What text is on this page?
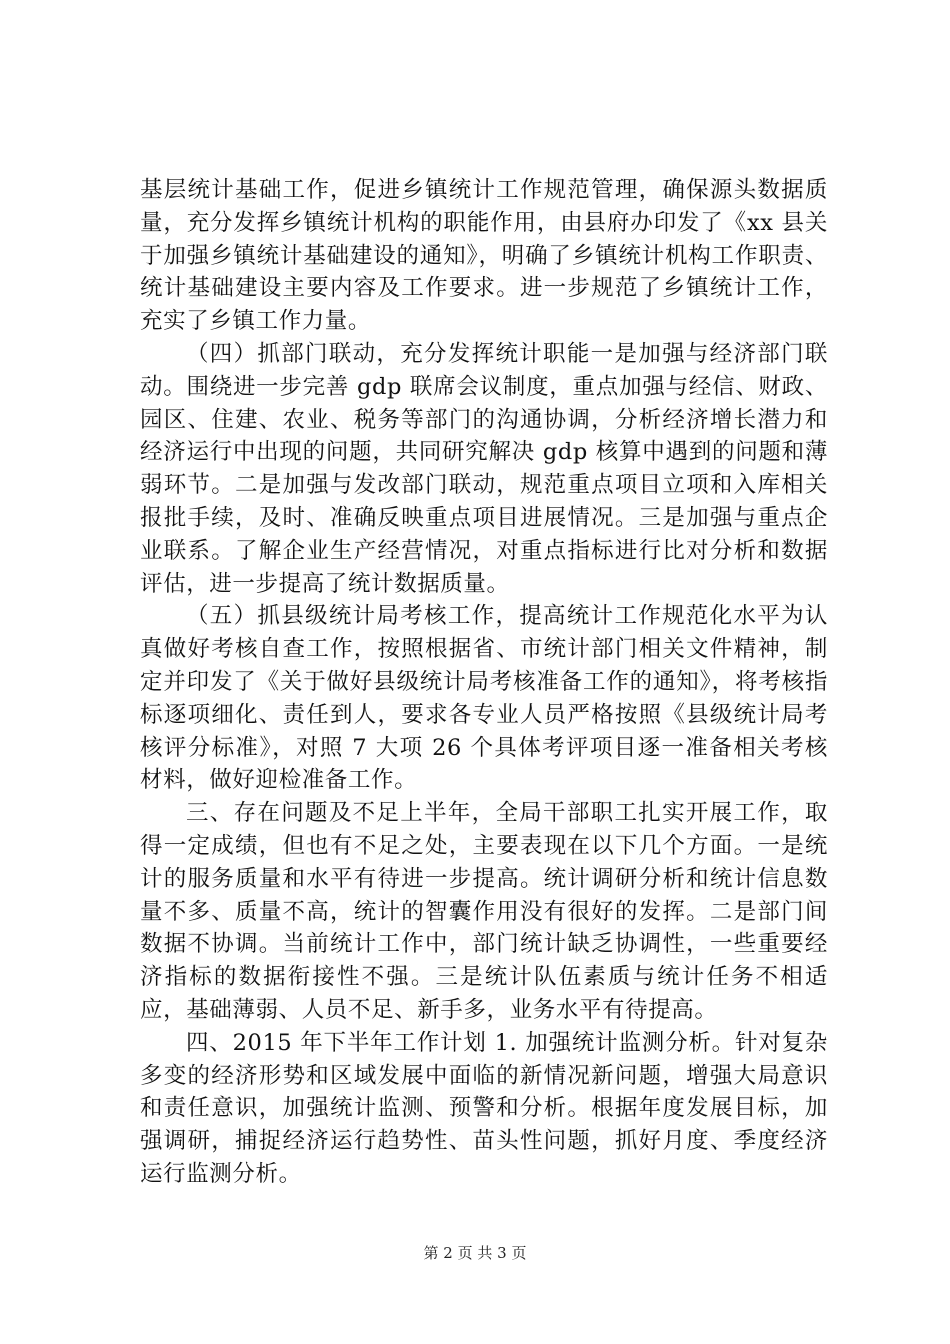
基层统计基础工作，促进乡镇统计工作规范管理，确保源头数据质量，充分发挥乡镇统计机构的职能作用，由县府办印发了《xx 县关于加强乡镇统计基础建设的通知》，明确了乡镇统计机构工作职责、统计基础建设主要内容及工作要求。进一步规范了乡镇统计工作，充实了乡镇工作力量。

（四）抓部门联动，充分发挥统计职能一是加强与经济部门联动。围绕进一步完善 gdp 联席会议制度，重点加强与经信、财政、园区、住建、农业、税务等部门的沟通协调，分析经济增长潜力和经济运行中出现的问题，共同研究解决 gdp 核算中遇到的问题和薄弱环节。二是加强与发改部门联动，规范重点项目立项和入库相关报批手续，及时、准确反映重点项目进展情况。三是加强与重点企业联系。了解企业生产经营情况，对重点指标进行比对分析和数据评估，进一步提高了统计数据质量。

（五）抓县级统计局考核工作，提高统计工作规范化水平为认真做好考核自查工作，按照根据省、市统计部门相关文件精神，制定并印发了《关于做好县级统计局考核准备工作的通知》，将考核指标逐项细化、责任到人，要求各专业人员严格按照《县级统计局考核评分标准》，对照 7 大项 26 个具体考评项目逐一准备相关考核材料，做好迎检准备工作。

三、存在问题及不足上半年，全局干部职工扎实开展工作，取得一定成绩，但也有不足之处，主要表现在以下几个方面。一是统计的服务质量和水平有待进一步提高。统计调研分析和统计信息数量不多、质量不高，统计的智囊作用没有很好的发挥。二是部门间数据不协调。当前统计工作中，部门统计缺乏协调性，一些重要经济指标的数据衔接性不强。三是统计队伍素质与统计任务不相适应，基础薄弱、人员不足、新手多，业务水平有待提高。

四、2015 年下半年工作计划 1. 加强统计监测分析。针对复杂多变的经济形势和区域发展中面临的新情况新问题，增强大局意识和责任意识，加强统计监测、预警和分析。根据年度发展目标，加强调研，捕捉经济运行趋势性、苗头性问题，抓好月度、季度经济运行监测分析。

第 2 页 共 3 页
